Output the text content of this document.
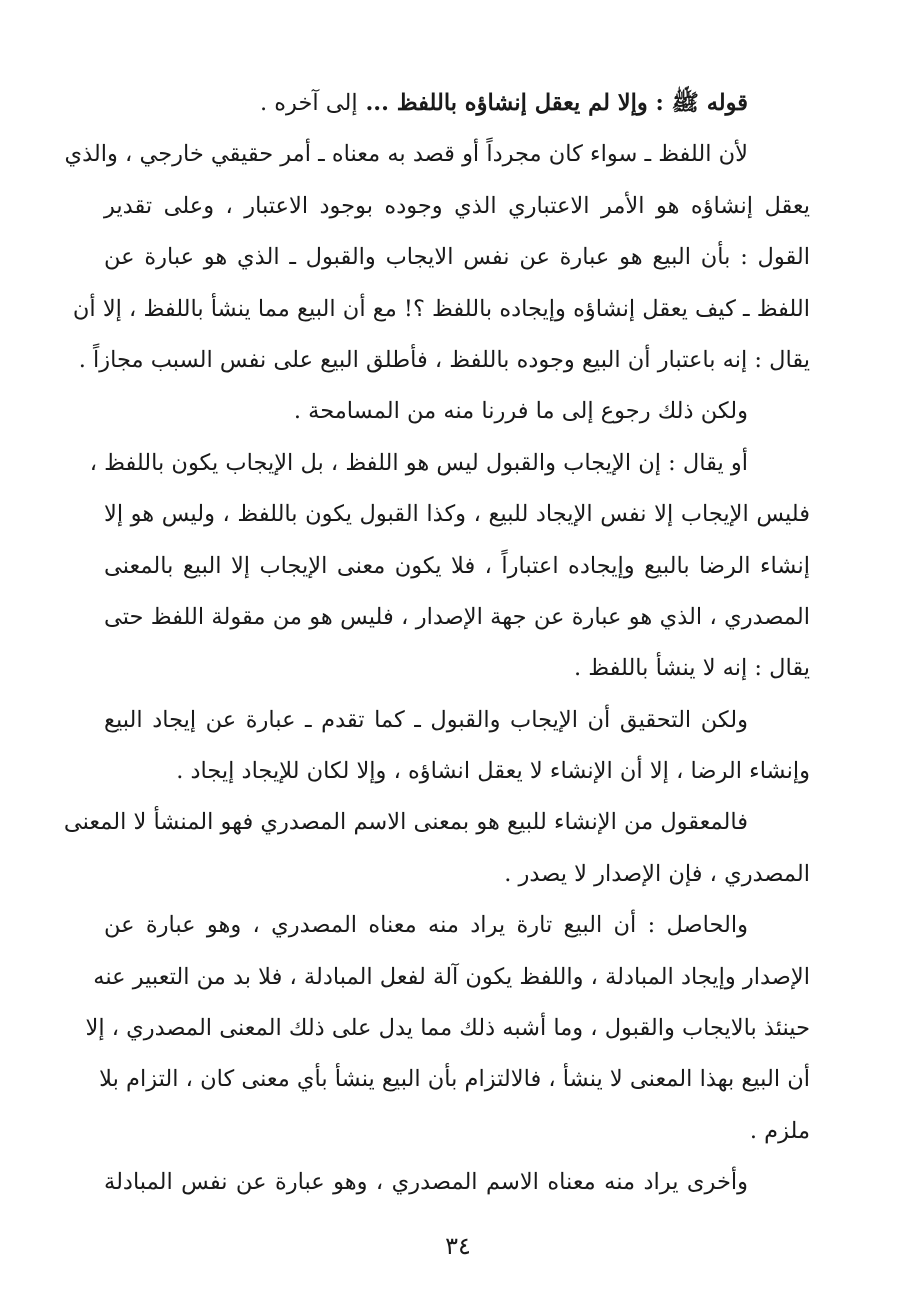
قوله ﷺ : وإلا لم يعقل إنشاؤه باللفظ ... إلى آخره .
لأن اللفظ ـ سواء كان مجرداً أو قصد به معناه ـ أمر حقيقي خارجي ، والذي
يعقل إنشاؤه هو الأمر الاعتباري الذي وجوده بوجود الاعتبار ، وعلى تقدير
القول : بأن البيع هو عبارة عن نفس الايجاب والقبول ـ الذي هو عبارة عن
اللفظ ـ كيف يعقل إنشاؤه وإيجاده باللفظ ؟! مع أن البيع مما ينشأ باللفظ ، إلا أن
يقال : إنه باعتبار أن البيع وجوده باللفظ ، فأطلق البيع على نفس السبب مجازاً .
ولكن ذلك رجوع إلى ما فررنا منه من المسامحة .
أو يقال : إن الإيجاب والقبول ليس هو اللفظ ، بل الإيجاب يكون باللفظ ،
فليس الإيجاب إلا نفس الإيجاد للبيع ، وكذا القبول يكون باللفظ ، وليس هو إلا
إنشاء الرضا بالبيع وإيجاده اعتباراً ، فلا يكون معنى الإيجاب إلا البيع بالمعنى
المصدري ، الذي هو عبارة عن جهة الإصدار ، فليس هو من مقولة اللفظ حتى
يقال : إنه لا ينشأ باللفظ .
ولكن التحقيق أن الإيجاب والقبول ـ كما تقدم ـ عبارة عن إيجاد البيع
وإنشاء الرضا ، إلا أن الإنشاء لا يعقل انشاؤه ، وإلا لكان للإيجاد إيجاد .
فالمعقول من الإنشاء للبيع هو بمعنى الاسم المصدري فهو المنشأ لا المعنى
المصدري ، فإن الإصدار لا يصدر .
والحاصل : أن البيع تارة يراد منه معناه المصدري ، وهو عبارة عن
الإصدار وإيجاد المبادلة ، واللفظ يكون آلة لفعل المبادلة ، فلا بد من التعبير عنه
حينئذ بالايجاب والقبول ، وما أشبه ذلك مما يدل على ذلك المعنى المصدري ، إلا
أن البيع بهذا المعنى لا ينشأ ، فالالتزام بأن البيع ينشأ بأي معنى كان ، التزام بلا
ملزم .
وأخرى يراد منه معناه الاسم المصدري ، وهو عبارة عن نفس المبادلة
٣٤
